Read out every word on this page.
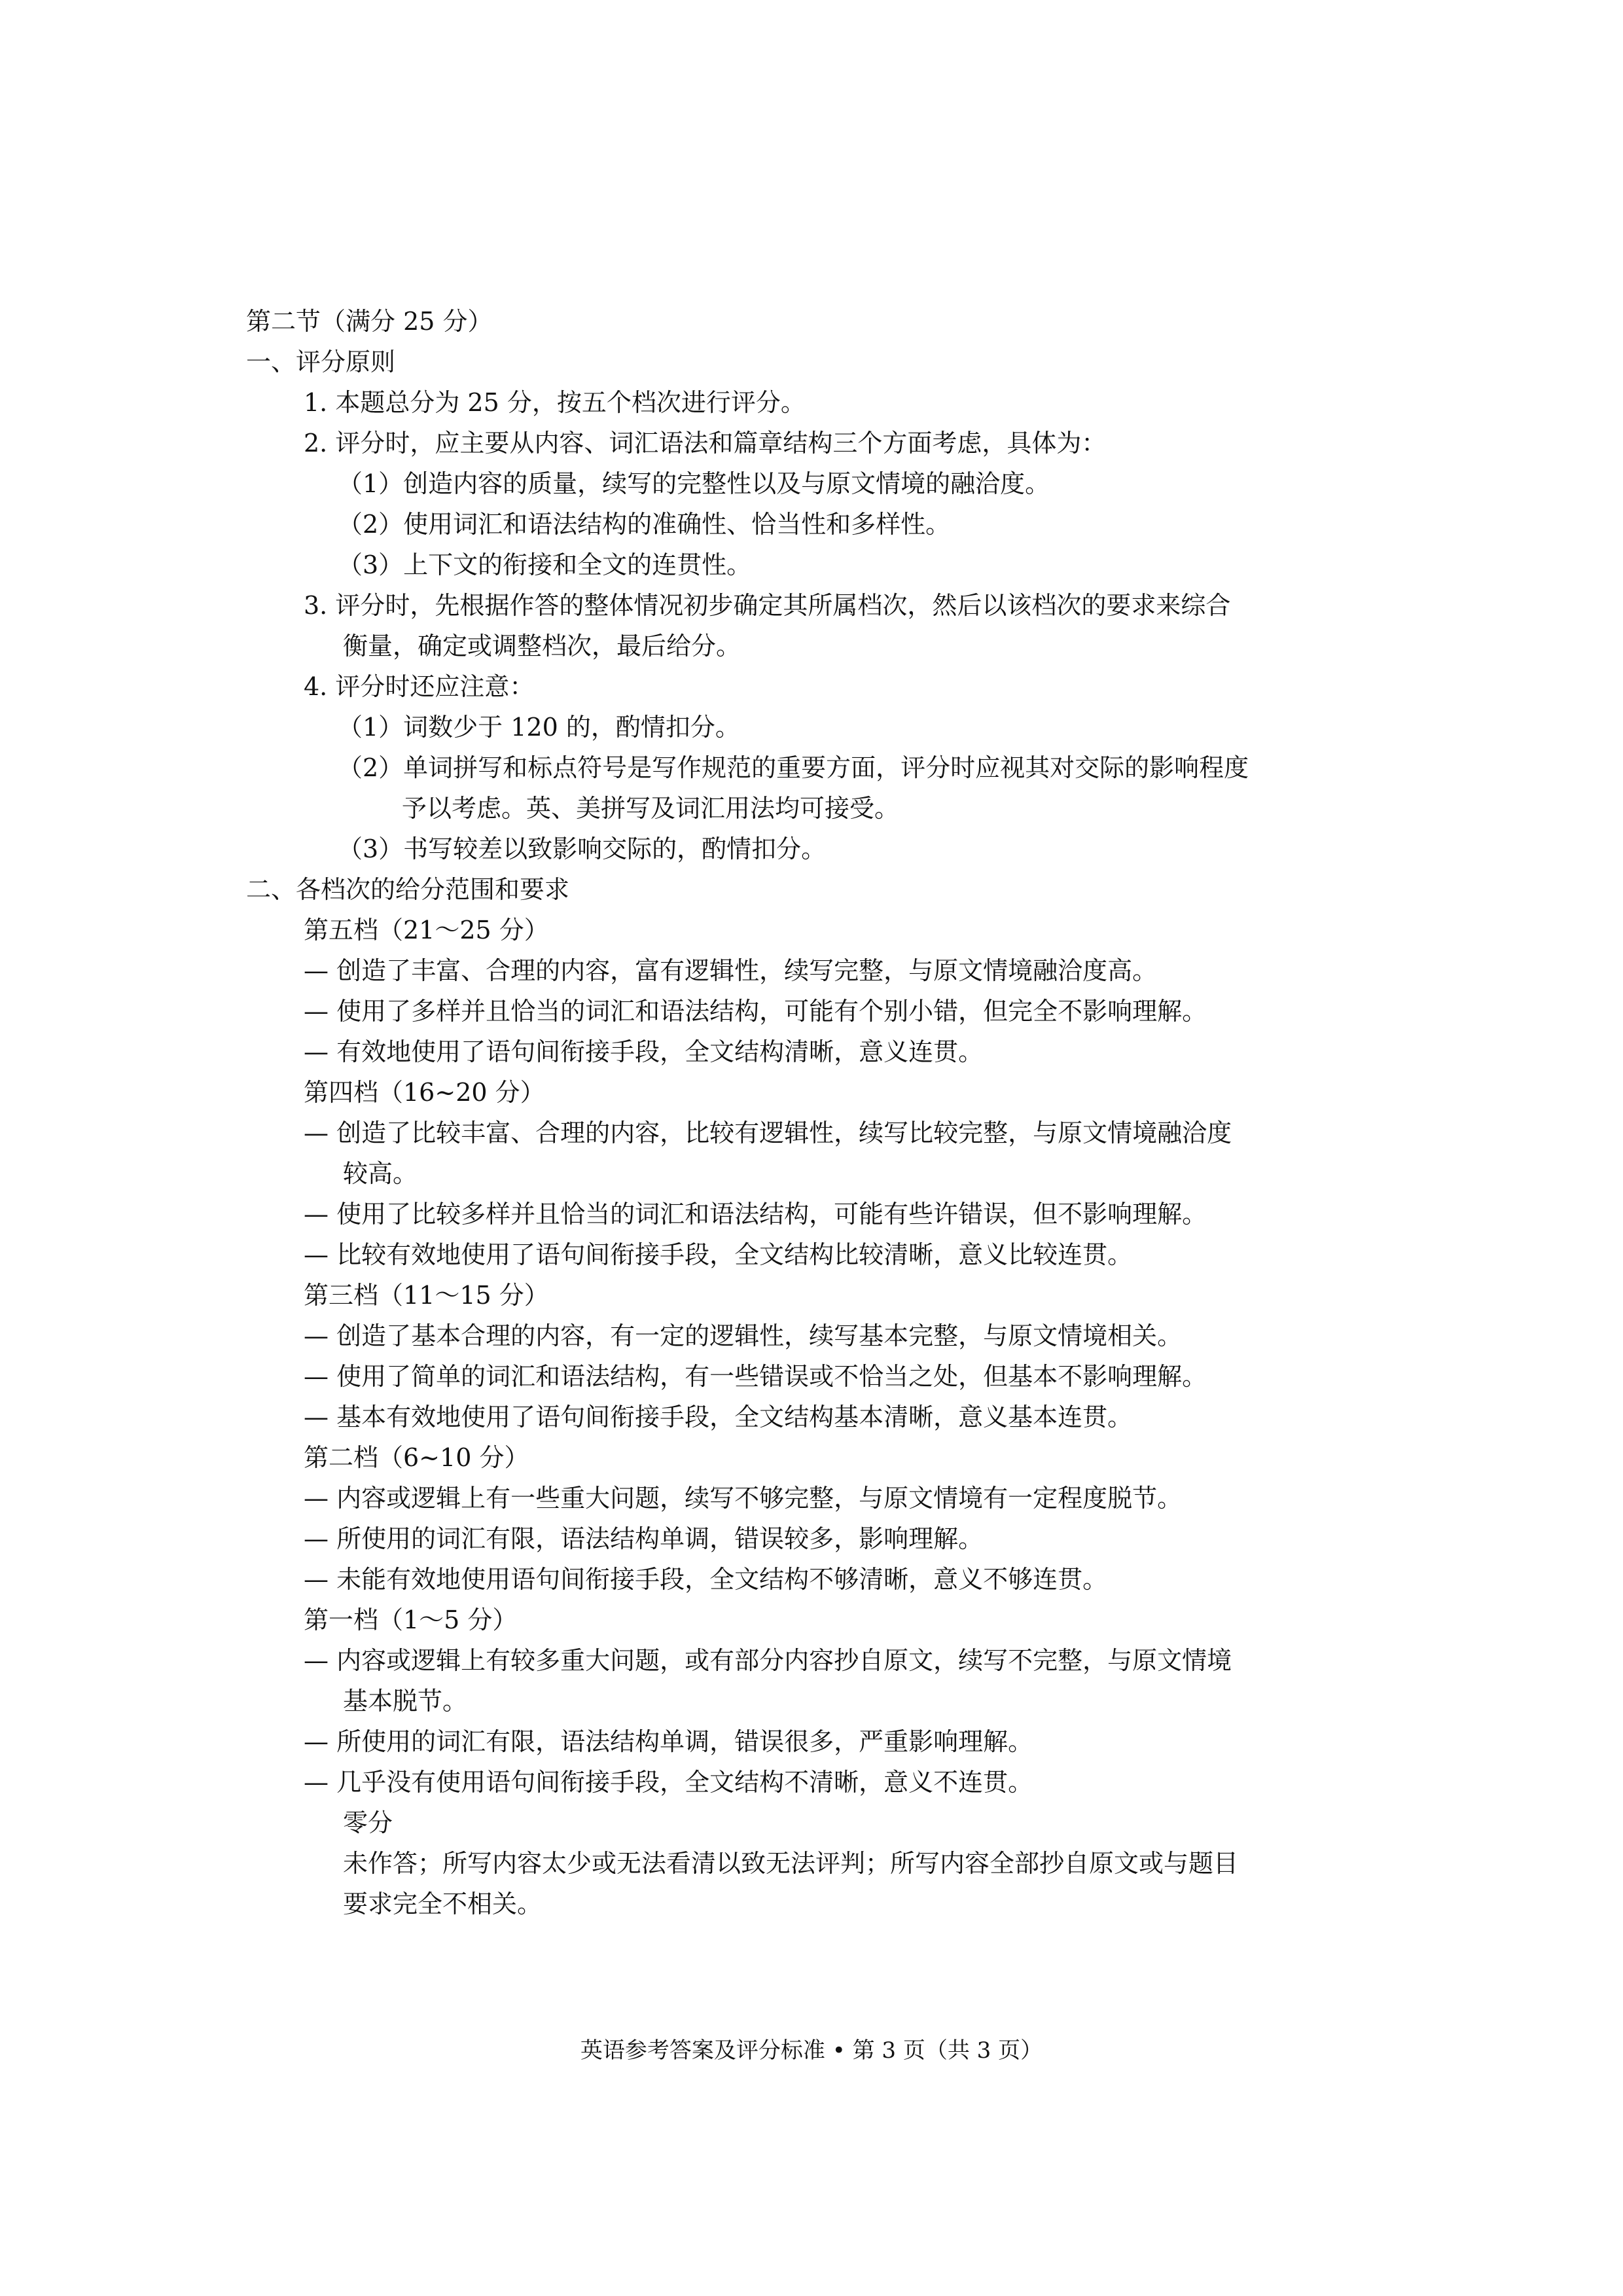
第二节（满分 25 分）
一、评分原则
1. 本题总分为 25 分，按五个档次进行评分。
2. 评分时，应主要从内容、词汇语法和篇章结构三个方面考虑，具体为：
（1）创造内容的质量，续写的完整性以及与原文情境的融洽度。
（2）使用词汇和语法结构的准确性、恰当性和多样性。
（3）上下文的衔接和全文的连贯性。
3. 评分时，先根据作答的整体情况初步确定其所属档次，然后以该档次的要求来综合
衡量，确定或调整档次，最后给分。
4. 评分时还应注意：
（1）词数少于 120 的，酌情扣分。
（2）单词拼写和标点符号是写作规范的重要方面，评分时应视其对交际的影响程度
予以考虑。英、美拼写及词汇用法均可接受。
（3）书写较差以致影响交际的，酌情扣分。
二、各档次的给分范围和要求
第五档（21～25 分）
— 创造了丰富、合理的内容，富有逻辑性，续写完整，与原文情境融洽度高。
— 使用了多样并且恰当的词汇和语法结构，可能有个别小错，但完全不影响理解。
— 有效地使用了语句间衔接手段，全文结构清晰，意义连贯。
第四档（16~20 分）
— 创造了比较丰富、合理的内容，比较有逻辑性，续写比较完整，与原文情境融洽度
较高。
— 使用了比较多样并且恰当的词汇和语法结构，可能有些许错误，但不影响理解。
— 比较有效地使用了语句间衔接手段，全文结构比较清晰，意义比较连贯。
第三档（11～15 分）
— 创造了基本合理的内容，有一定的逻辑性，续写基本完整，与原文情境相关。
— 使用了简单的词汇和语法结构，有一些错误或不恰当之处，但基本不影响理解。
— 基本有效地使用了语句间衔接手段，全文结构基本清晰，意义基本连贯。
第二档（6~10 分）
— 内容或逻辑上有一些重大问题，续写不够完整，与原文情境有一定程度脱节。
— 所使用的词汇有限，语法结构单调，错误较多，影响理解。
— 未能有效地使用语句间衔接手段，全文结构不够清晰，意义不够连贯。
第一档（1～5 分）
— 内容或逻辑上有较多重大问题，或有部分内容抄自原文，续写不完整，与原文情境
基本脱节。
— 所使用的词汇有限，语法结构单调，错误很多，严重影响理解。
— 几乎没有使用语句间衔接手段，全文结构不清晰，意义不连贯。
零分
未作答；所写内容太少或无法看清以致无法评判；所写内容全部抄自原文或与题目
要求完全不相关。
英语参考答案及评分标准 • 第 3 页（共 3 页）
